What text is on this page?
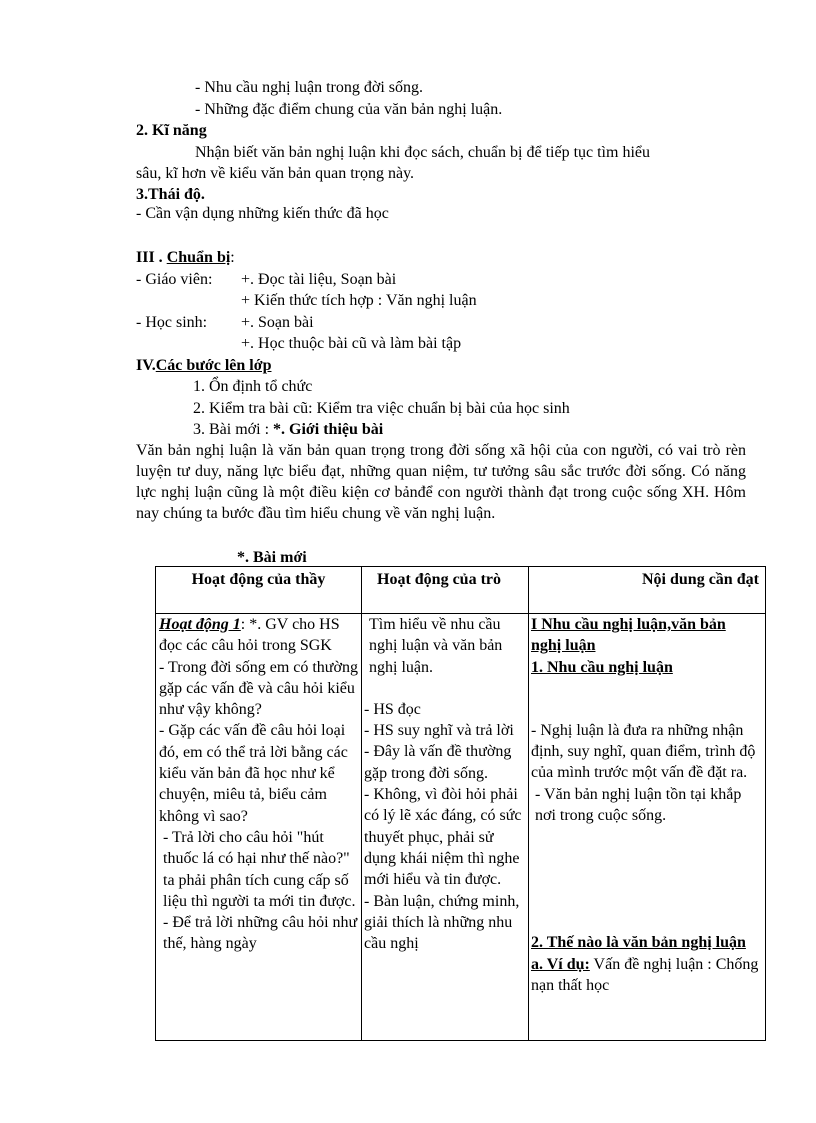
- Nhu cầu nghị luận trong đời sống.
- Những đặc điểm chung của văn bản nghị luận.
2. Kĩ năng
Nhận biết văn bản nghị luận khi đọc sách, chuẩn bị để tiếp tục tìm hiểu
sâu, kĩ hơn về kiểu văn bản quan trọng này.
3.Thái độ.
- Cần vận dụng những kiến thức đã học
III . Chuẩn bị:
- Giáo viên: +. Đọc tài liệu, Soạn bài
+ Kiến thức tích hợp : Văn nghị luận
- Học sinh: +. Soạn bài
+. Học thuộc bài cũ và làm bài tập
IV.Các bước lên lớp
1. Ổn định tổ chức
2. Kiểm tra bài cũ: Kiểm tra việc chuẩn bị bài của học sinh
3. Bài mới : *. Giới thiệu bài
Văn bản nghị luận là văn bản quan trọng trong đời sống xã hội của con người, có vai trò rèn luyện tư duy, năng lực biểu đạt, những quan niệm, tư tưởng sâu sắc trước đời sống. Có năng lực nghị luận cũng là một điều kiện cơ bảnđể con người thành đạt trong cuộc sống XH. Hôm nay chúng ta bước đầu tìm hiểu chung về văn nghị luận.
*. Bài mới
Hoạt động của thầy	Hoạt động của trò	Nội dung cần đạt
Hoạt động 1: *. GV cho HS đọc các câu hỏi trong SGK
- Trong đời sống em có thường gặp các vấn đề và câu hỏi kiểu như vậy không?
- Gặp các vấn đề câu hỏi loại đó, em có thể trả lời bằng các kiểu văn bản đã học như kể chuyện, miêu tả, biểu cảm không vì sao?
- Trả lời cho câu hỏi "hút thuốc lá có hại như thế nào?" ta phải phân tích cung cấp số liệu thì người ta mới tin được.
- Để trả lời những câu hỏi như thế, hàng ngày
Tìm hiểu về nhu cầu nghị luận và văn bản nghị luận.
- HS đọc
- HS suy nghĩ và trả lời
- Đây là vấn đề thường gặp trong đời sống.
- Không, vì đòi hỏi phải có lý lẽ xác đáng, có sức thuyết phục, phải sử dụng khái niệm thì nghe mới hiểu và tin được.
- Bàn luận, chứng minh, giải thích là những nhu cầu nghị
I Nhu cầu nghị luận,văn bản nghị luận
1. Nhu cầu nghị luận
- Nghị luận là đưa ra những nhận định, suy nghĩ, quan điểm, trình độ của mình trước một vấn đề đặt ra.
- Văn bản nghị luận tồn tại khắp nơi trong cuộc sống.
2. Thế nào là văn bản nghị luận
a. Ví dụ: Vấn đề nghị luận : Chống nạn thất học
